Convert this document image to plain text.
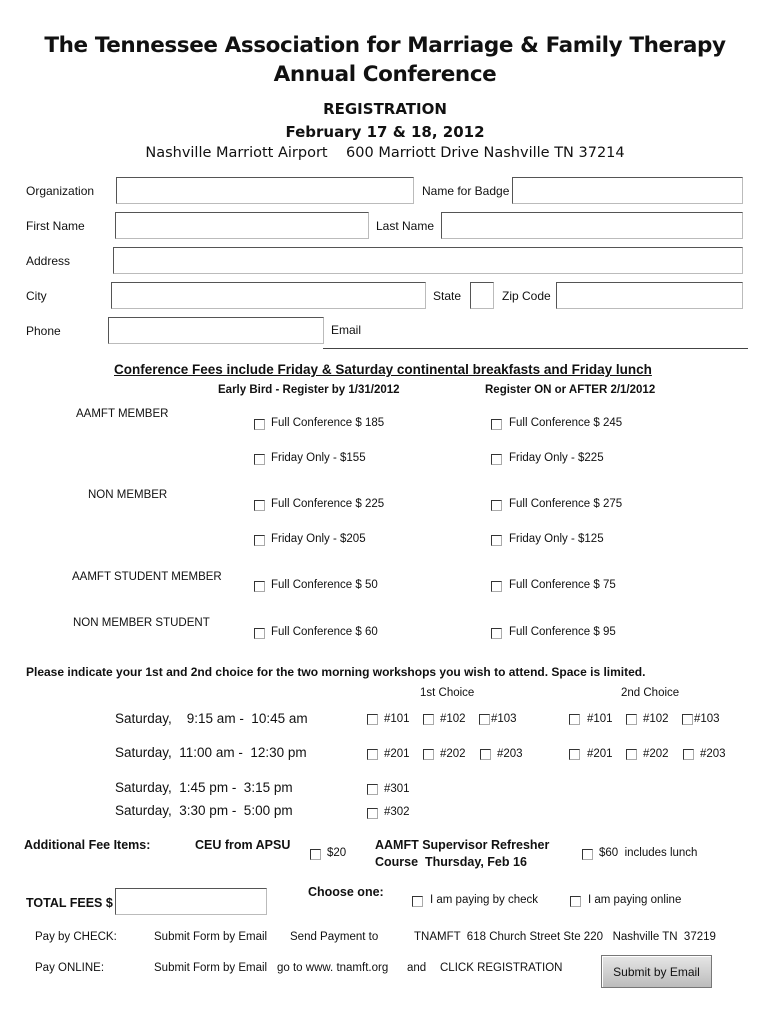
The Tennessee Association for Marriage & Family Therapy
Annual Conference
REGISTRATION
February 17 & 18, 2012
Nashville Marriott Airport    600 Marriott Drive Nashville TN 37214
Organization	Name for Badge
First Name	Last Name
Address
City	State	Zip Code
Phone	Email
Conference Fees include Friday & Saturday continental breakfasts and Friday lunch
Early Bird - Register by 1/31/2012	Register ON or AFTER 2/1/2012
AAMFT MEMBER
Full Conference $ 185	Full Conference $ 245
Friday Only - $155	Friday Only - $225
NON MEMBER
Full Conference $ 225	Full Conference $ 275
Friday Only - $205	Friday Only - $125
AAMFT STUDENT MEMBER
Full Conference $ 50	Full Conference $ 75
NON MEMBER STUDENT
Full Conference $ 60	Full Conference $ 95
Please indicate your 1st and 2nd choice for the two morning workshops you wish to attend. Space is limited.
1st Choice	2nd Choice
Saturday,    9:15 am -  10:45 am	#101	#102 #103	#101	#102 #103
Saturday,  11:00 am -  12:30 pm	#201	#202	#203	#201	#202	#203
Saturday,  1:45 pm -  3:15 pm	#301
Saturday,  3:30 pm -  5:00 pm	#302
Additional Fee Items:	CEU from APSU
$20
AAMFT Supervisor Refresher
Course  Thursday, Feb 16
$60  includes lunch
TOTAL FEES $
Choose one:
I am paying by check	I am paying online
Pay by CHECK:	Submit Form by Email Send Payment to	TNAMFT  618 Church Street Ste 220   Nashville TN  37219
Pay ONLINE:	Submit Form by Email go to www. tnamft.org and CLICK REGISTRATION	Submit by Email
